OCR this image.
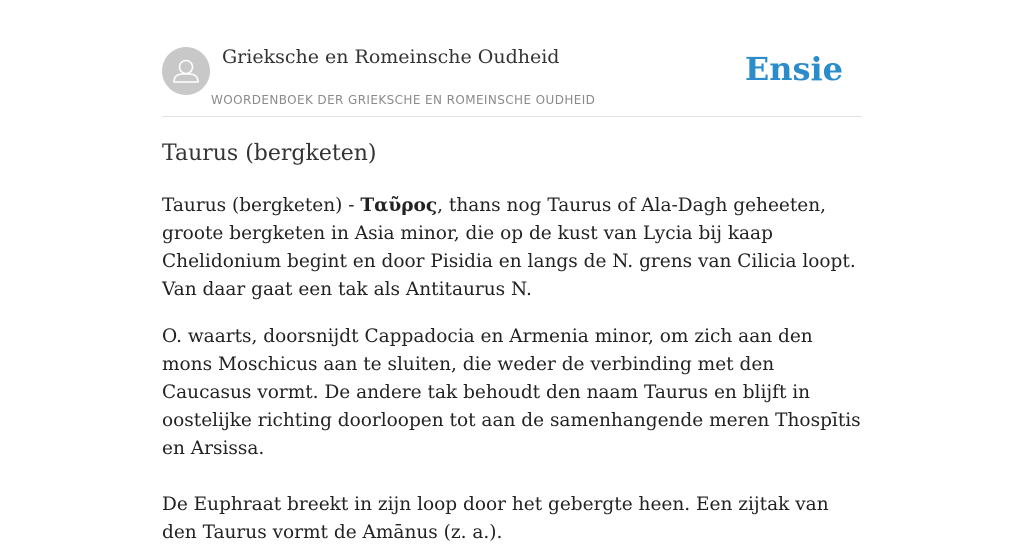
Grieksche en Romeinsche Oudheid
WOORDENBOEK DER GRIEKSCHE EN ROMEINSCHE OUDHEID
Ensie
Taurus (bergketen)

Taurus (bergketen) - Ταῦρος, thans nog Taurus of Ala-Dagh geheeten, groote bergketen in Asia minor, die op de kust van Lycia bij kaap Chelidonium begint en door Pisidia en langs de N. grens van Cilicia loopt. Van daar gaat een tak als Antitaurus N.

O. waarts, doorsnijdt Cappadocia en Armenia minor, om zich aan den mons Moschicus aan te sluiten, die weder de verbinding met den Caucasus vormt. De andere tak behoudt den naam Taurus en blijft in oostelijke richting doorloopen tot aan de samenhangende meren Thospītis en Arsissa.

De Euphraat breekt in zijn loop door het gebergte heen. Een zijtak van den Taurus vormt de Amānus (z. a.).
